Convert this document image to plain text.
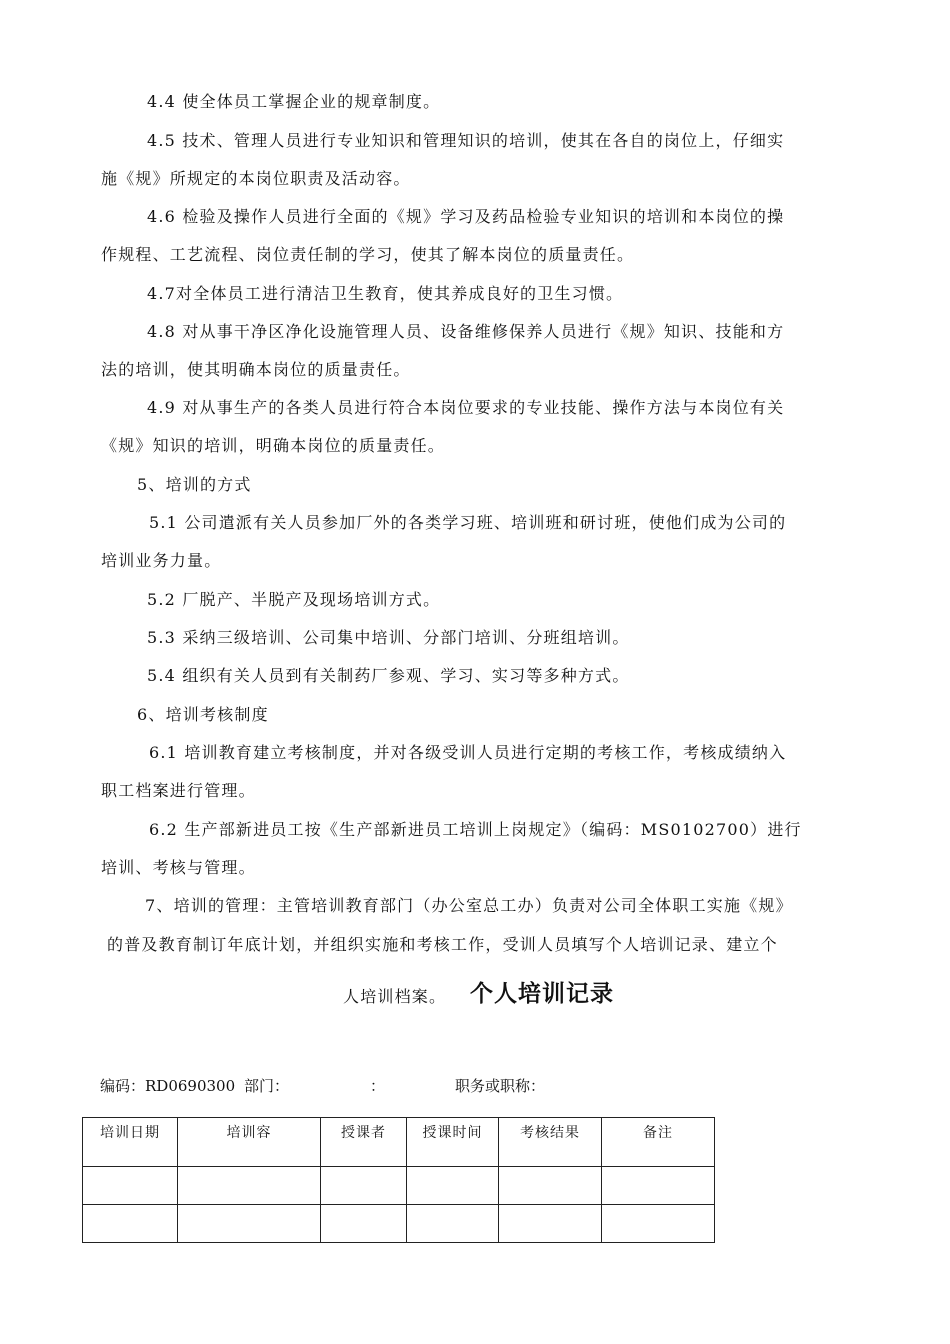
4.4 使全体员工掌握企业的规章制度。
4.5 技术、管理人员进行专业知识和管理知识的培训，使其在各自的岗位上，仔细实
施《规》所规定的本岗位职责及活动容。
4.6 检验及操作人员进行全面的《规》学习及药品检验专业知识的培训和本岗位的操
作规程、工艺流程、岗位责任制的学习，使其了解本岗位的质量责任。
4.7对全体员工进行清洁卫生教育，使其养成良好的卫生习惯。
4.8 对从事干净区净化设施管理人员、设备维修保养人员进行《规》知识、技能和方
法的培训，使其明确本岗位的质量责任。
4.9 对从事生产的各类人员进行符合本岗位要求的专业技能、操作方法与本岗位有关
《规》知识的培训，明确本岗位的质量责任。
5、培训的方式
5.1 公司遣派有关人员参加厂外的各类学习班、培训班和研讨班，使他们成为公司的
培训业务力量。
5.2 厂脱产、半脱产及现场培训方式。
5.3 采纳三级培训、公司集中培训、分部门培训、分班组培训。
5.4 组织有关人员到有关制药厂参观、学习、实习等多种方式。
6、培训考核制度
6.1 培训教育建立考核制度，并对各级受训人员进行定期的考核工作，考核成绩纳入
职工档案进行管理。
6.2 生产部新进员工按《生产部新进员工培训上岗规定》（编码：MS0102700）进行
培训、考核与管理。
7、培训的管理：主管培训教育部门（办公室总工办）负责对公司全体职工实施《规》
的普及教育制订年底计划，并组织实施和考核工作，受训人员填写个人培训记录、建立个
人培训档案。 个人培训记录
编码：RD0690300 部门：	：	职务或职称：
培训日期	培训容	授课者	授课时间	考核结果	备注
